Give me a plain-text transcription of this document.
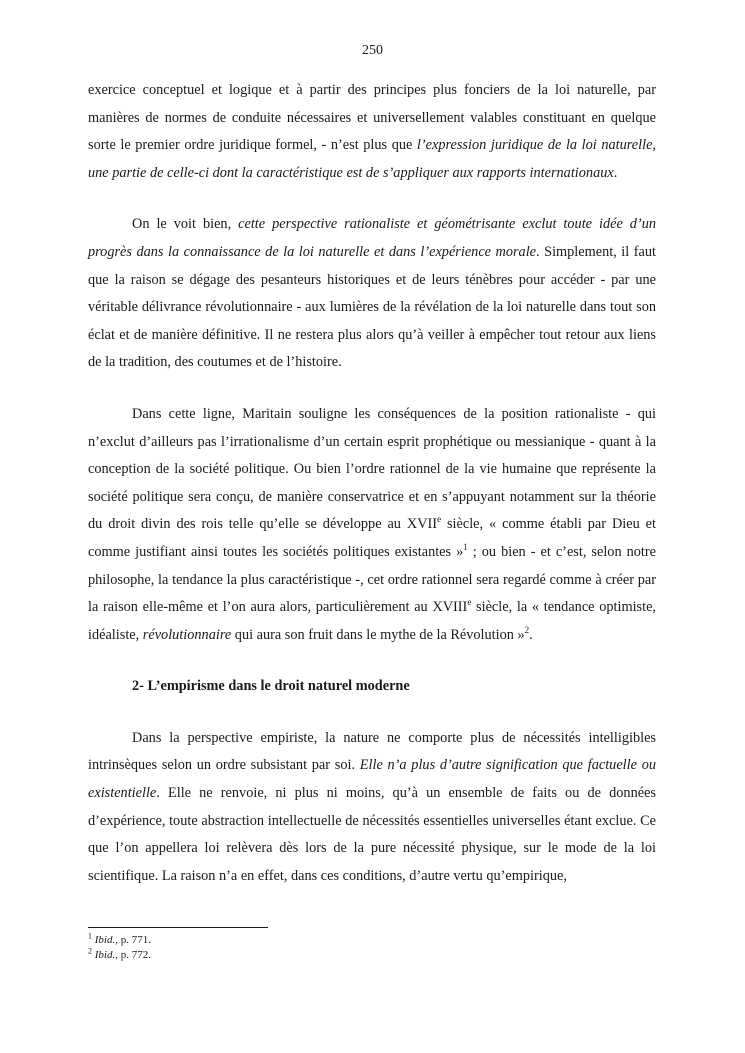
250

exercice conceptuel et logique et à partir des principes plus fonciers de la loi naturelle, par manières de normes de conduite nécessaires et universellement valables constituant en quelque sorte le premier ordre juridique formel, - n’est plus que l’expression juridique de la loi naturelle, une partie de celle-ci dont la caractéristique est de s’appliquer aux rapports internationaux.

On le voit bien, cette perspective rationaliste et géométrisante exclut toute idée d’un progrès dans la connaissance de la loi naturelle et dans l’expérience morale. Simplement, il faut que la raison se dégage des pesanteurs historiques et de leurs ténèbres pour accéder - par une véritable délivrance révolutionnaire - aux lumières de la révélation de la loi naturelle dans tout son éclat et de manière définitive. Il ne restera plus alors qu’à veiller à empêcher tout retour aux liens de la tradition, des coutumes et de l’histoire.

Dans cette ligne, Maritain souligne les conséquences de la position rationaliste - qui n’exclut d’ailleurs pas l’irrationalisme d’un certain esprit prophétique ou messianique - quant à la conception de la société politique. Ou bien l’ordre rationnel de la vie humaine que représente la société politique sera conçu, de manière conservatrice et en s’appuyant notamment sur la théorie du droit divin des rois telle qu’elle se développe au XVIIe siècle, « comme établi par Dieu et comme justifiant ainsi toutes les sociétés politiques existantes »$^1$ ; ou bien - et c’est, selon notre philosophe, la tendance la plus caractéristique -, cet ordre rationnel sera regardé comme à créer par la raison elle-même et l’on aura alors, particulièrement au XVIIIe siècle, la « tendance optimiste, idéaliste, révolutionnaire qui aura son fruit dans le mythe de la Révolution »$^2$.

2- L’empirisme dans le droit naturel moderne

Dans la perspective empiriste, la nature ne comporte plus de nécessités intelligibles intrinsèques selon un ordre subsistant par soi. Elle n’a plus d’autre signification que factuelle ou existentielle. Elle ne renvoie, ni plus ni moins, qu’à un ensemble de faits ou de données d’expérience, toute abstraction intellectuelle de nécessités essentielles universelles étant exclue. Ce que l’on appellera loi relèvera dès lors de la pure nécessité physique, sur le mode de la loi scientifique. La raison n’a en effet, dans ces conditions, d’autre vertu qu’empirique,

$^1$ Ibid., p. 771.
$^2$ Ibid., p. 772.
